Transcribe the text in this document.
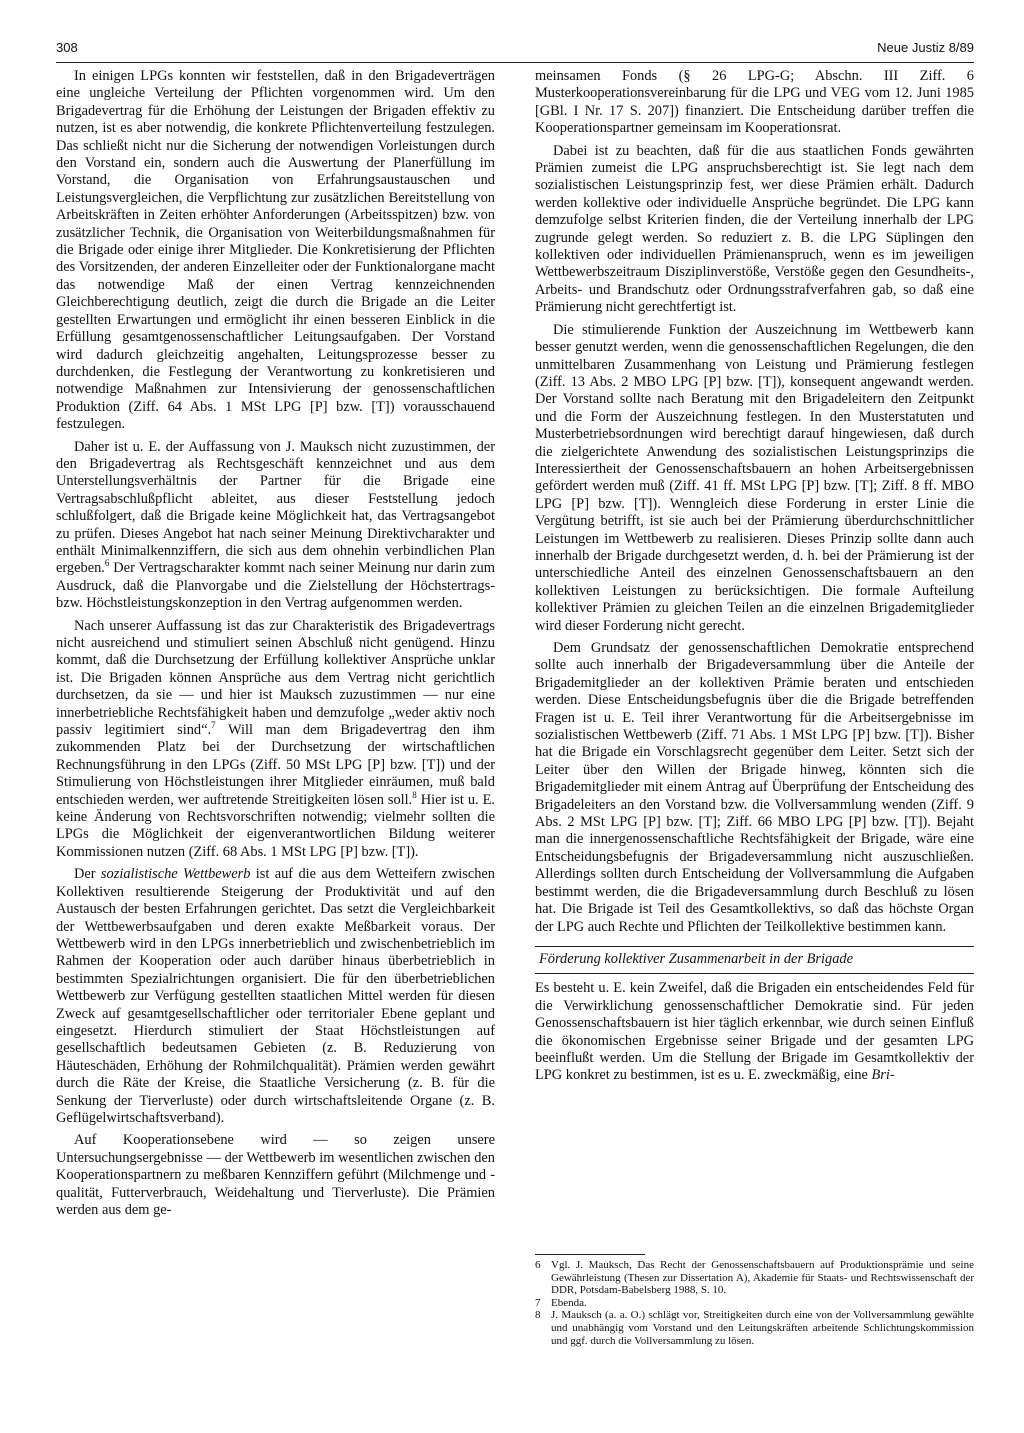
308	Neue Justiz 8/89

In einigen LPGs konnten wir feststellen, daß in den Brigadeverträgen eine ungleiche Verteilung der Pflichten vorgenommen wird. Um den Brigadevertrag für die Erhöhung der Leistungen der Brigaden effektiv zu nutzen, ist es aber notwendig, die konkrete Pflichtenverteilung festzulegen. Das schließt nicht nur die Sicherung der notwendigen Vorleistungen durch den Vorstand ein, sondern auch die Auswertung der Planerfüllung im Vorstand, die Organisation von Erfahrungsaustauschen und Leistungsvergleichen, die Verpflichtung zur zusätzlichen Bereitstellung von Arbeitskräften in Zeiten erhöhter Anforderungen (Arbeitsspitzen) bzw. von zusätzlicher Technik, die Organisation von Weiterbildungsmaßnahmen für die Brigade oder einige ihrer Mitglieder. Die Konkretisierung der Pflichten des Vorsitzenden, der anderen Einzelleiter oder der Funktionalorgane macht das notwendige Maß der einen Vertrag kennzeichnenden Gleichberechtigung deutlich, zeigt die durch die Brigade an die Leiter gestellten Erwartungen und ermöglicht ihr einen besseren Einblick in die Erfüllung gesamtgenossenschaftlicher Leitungsaufgaben. Der Vorstand wird dadurch gleichzeitig angehalten, Leitungsprozesse besser zu durchdenken, die Festlegung der Verantwortung zu konkretisieren und notwendige Maßnahmen zur Intensivierung der genossenschaftlichen Produktion (Ziff. 64 Abs. 1 MSt LPG [P] bzw. [T]) vorausschauend festzulegen.

Daher ist u. E. der Auffassung von J. Mauksch nicht zuzustimmen, der den Brigadevertrag als Rechtsgeschäft kennzeichnet und aus dem Unterstellungsverhältnis der Partner für die Brigade eine Vertragsabschlußpflicht ableitet, aus dieser Feststellung jedoch schlußfolgert, daß die Brigade keine Möglichkeit hat, das Vertragsangebot zu prüfen. Dieses Angebot hat nach seiner Meinung Direktivcharakter und enthält Minimalkennziffern, die sich aus dem ohnehin verbindlichen Plan ergeben.$^6$ Der Vertragscharakter kommt nach seiner Meinung nur darin zum Ausdruck, daß die Planvorgabe und die Zielstellung der Höchstertrags- bzw. Höchstleistungskonzeption in den Vertrag aufgenommen werden.

Nach unserer Auffassung ist das zur Charakteristik des Brigadevertrags nicht ausreichend und stimuliert seinen Abschluß nicht genügend. Hinzu kommt, daß die Durchsetzung der Erfüllung kollektiver Ansprüche unklar ist. Die Brigaden können Ansprüche aus dem Vertrag nicht gerichtlich durchsetzen, da sie — und hier ist Mauksch zuzustimmen — nur eine innerbetriebliche Rechtsfähigkeit haben und demzufolge „weder aktiv noch passiv legitimiert sind“.$^7$ Will man dem Brigadevertrag den ihm zukommenden Platz bei der Durchsetzung der wirtschaftlichen Rechnungsführung in den LPGs (Ziff. 50 MSt LPG [P] bzw. [T]) und der Stimulierung von Höchstleistungen ihrer Mitglieder einräumen, muß bald entschieden werden, wer auftretende Streitigkeiten lösen soll.$^8$ Hier ist u. E. keine Änderung von Rechtsvorschriften notwendig; vielmehr sollten die LPGs die Möglichkeit der eigenverantwortlichen Bildung weiterer Kommissionen nutzen (Ziff. 68 Abs. 1 MSt LPG [P] bzw. [T]).

Der sozialistische Wettbewerb ist auf die aus dem Wetteifern zwischen Kollektiven resultierende Steigerung der Produktivität und auf den Austausch der besten Erfahrungen gerichtet. Das setzt die Vergleichbarkeit der Wettbewerbsaufgaben und deren exakte Meßbarkeit voraus. Der Wettbewerb wird in den LPGs innerbetrieblich und zwischenbetrieblich im Rahmen der Kooperation oder auch darüber hinaus überbetrieblich in bestimmten Spezialrichtungen organisiert. Die für den überbetrieblichen Wettbewerb zur Verfügung gestellten staatlichen Mittel werden für diesen Zweck auf gesamtgesellschaftlicher oder territorialer Ebene geplant und eingesetzt. Hierdurch stimuliert der Staat Höchstleistungen auf gesellschaftlich bedeutsamen Gebieten (z. B. Reduzierung von Häuteschäden, Erhöhung der Rohmilchqualität). Prämien werden gewährt durch die Räte der Kreise, die Staatliche Versicherung (z. B. für die Senkung der Tierverluste) oder durch wirtschaftsleitende Organe (z. B. Geflügelwirtschaftsverband).

Auf Kooperationsebene wird — so zeigen unsere Untersuchungsergebnisse — der Wettbewerb im wesentlichen zwischen den Kooperationspartnern zu meßbaren Kennziffern geführt (Milchmenge und -qualität, Futterverbrauch, Weidehaltung und Tierverluste). Die Prämien werden aus dem ge-

meinsamen Fonds (§ 26 LPG-G; Abschn. III Ziff. 6 Musterkooperationsvereinbarung für die LPG und VEG vom 12. Juni 1985 [GBl. I Nr. 17 S. 207]) finanziert. Die Entscheidung darüber treffen die Kooperationspartner gemeinsam im Kooperationsrat.

Dabei ist zu beachten, daß für die aus staatlichen Fonds gewährten Prämien zumeist die LPG anspruchsberechtigt ist. Sie legt nach dem sozialistischen Leistungsprinzip fest, wer diese Prämien erhält. Dadurch werden kollektive oder individuelle Ansprüche begründet. Die LPG kann demzufolge selbst Kriterien finden, die der Verteilung innerhalb der LPG zugrunde gelegt werden. So reduziert z. B. die LPG Süplingen den kollektiven oder individuellen Prämienanspruch, wenn es im jeweiligen Wettbewerbszeitraum Disziplinverstöße, Verstöße gegen den Gesundheits-, Arbeits- und Brandschutz oder Ordnungsstrafverfahren gab, so daß eine Prämierung nicht gerechtfertigt ist.

Die stimulierende Funktion der Auszeichnung im Wettbewerb kann besser genutzt werden, wenn die genossenschaftlichen Regelungen, die den unmittelbaren Zusammenhang von Leistung und Prämierung festlegen (Ziff. 13 Abs. 2 MBO LPG [P] bzw. [T]), konsequent angewandt werden. Der Vorstand sollte nach Beratung mit den Brigadeleitern den Zeitpunkt und die Form der Auszeichnung festlegen. In den Musterstatuten und Musterbetriebsordnungen wird berechtigt darauf hingewiesen, daß durch die zielgerichtete Anwendung des sozialistischen Leistungsprinzips die Interessiertheit der Genossenschaftsbauern an hohen Arbeitsergebnissen gefördert werden muß (Ziff. 41 ff. MSt LPG [P] bzw. [T]; Ziff. 8 ff. MBO LPG [P] bzw. [T]). Wenngleich diese Forderung in erster Linie die Vergütung betrifft, ist sie auch bei der Prämierung überdurchschnittlicher Leistungen im Wettbewerb zu realisieren. Dieses Prinzip sollte dann auch innerhalb der Brigade durchgesetzt werden, d. h. bei der Prämierung ist der unterschiedliche Anteil des einzelnen Genossenschaftsbauern an den kollektiven Leistungen zu berücksichtigen. Die formale Aufteilung kollektiver Prämien zu gleichen Teilen an die einzelnen Brigademitglieder wird dieser Forderung nicht gerecht.

Dem Grundsatz der genossenschaftlichen Demokratie entsprechend sollte auch innerhalb der Brigadeversammlung über die Anteile der Brigademitglieder an der kollektiven Prämie beraten und entschieden werden. Diese Entscheidungsbefugnis über die die Brigade betreffenden Fragen ist u. E. Teil ihrer Verantwortung für die Arbeitsergebnisse im sozialistischen Wettbewerb (Ziff. 71 Abs. 1 MSt LPG [P] bzw. [T]). Bisher hat die Brigade ein Vorschlagsrecht gegenüber dem Leiter. Setzt sich der Leiter über den Willen der Brigade hinweg, könnten sich die Brigademitglieder mit einem Antrag auf Überprüfung der Entscheidung des Brigadeleiters an den Vorstand bzw. die Vollversammlung wenden (Ziff. 9 Abs. 2 MSt LPG [P] bzw. [T]; Ziff. 66 MBO LPG [P] bzw. [T]). Bejaht man die innergenossenschaftliche Rechtsfähigkeit der Brigade, wäre eine Entscheidungsbefugnis der Brigadeversammlung nicht auszuschließen. Allerdings sollten durch Entscheidung der Vollversammlung die Aufgaben bestimmt werden, die die Brigadeversammlung durch Beschluß zu lösen hat. Die Brigade ist Teil des Gesamtkollektivs, so daß das höchste Organ der LPG auch Rechte und Pflichten der Teilkollektive bestimmen kann.

Förderung kollektiver Zusammenarbeit in der Brigade

Es besteht u. E. kein Zweifel, daß die Brigaden ein entscheidendes Feld für die Verwirklichung genossenschaftlicher Demokratie sind. Für jeden Genossenschaftsbauern ist hier täglich erkennbar, wie durch seinen Einfluß die ökonomischen Ergebnisse seiner Brigade und der gesamten LPG beeinflußt werden. Um die Stellung der Brigade im Gesamtkollektiv der LPG konkret zu bestimmen, ist es u. E. zweckmäßig, eine Bri-

6 Vgl. J. Mauksch, Das Recht der Genossenschaftsbauern auf Produktionsprämie und seine Gewährleistung (Thesen zur Dissertation A), Akademie für Staats- und Rechtswissenschaft der DDR, Potsdam-Babelsberg 1988, S. 10.
7 Ebenda.
8 J. Mauksch (a. a. O.) schlägt vor, Streitigkeiten durch eine von der Vollversammlung gewählte und unabhängig vom Vorstand und den Leitungskräften arbeitende Schlichtungskommission und ggf. durch die Vollversammlung zu lösen.
